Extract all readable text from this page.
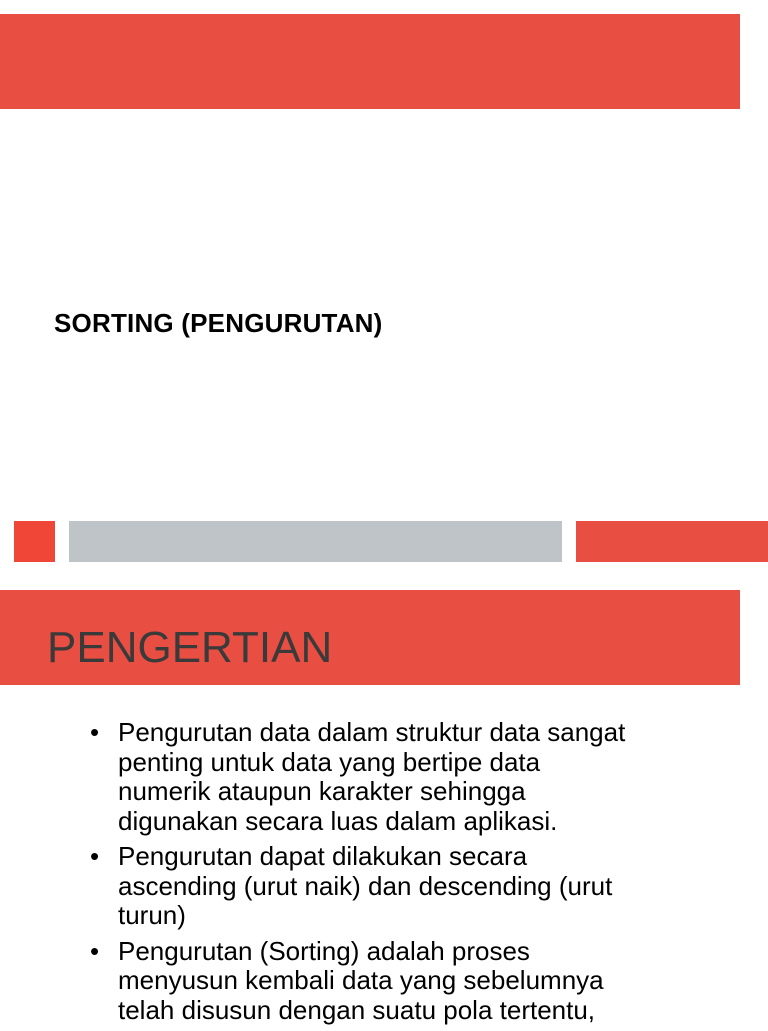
SORTING (PENGURUTAN)
PENGERTIAN
• Pengurutan data dalam struktur data sangat
penting untuk data yang bertipe data
numerik ataupun karakter sehingga
digunakan secara luas dalam aplikasi.
• Pengurutan dapat dilakukan secara
ascending (urut naik) dan descending (urut
turun)
• Pengurutan (Sorting) adalah proses
menyusun kembali data yang sebelumnya
telah disusun dengan suatu pola tertentu,
